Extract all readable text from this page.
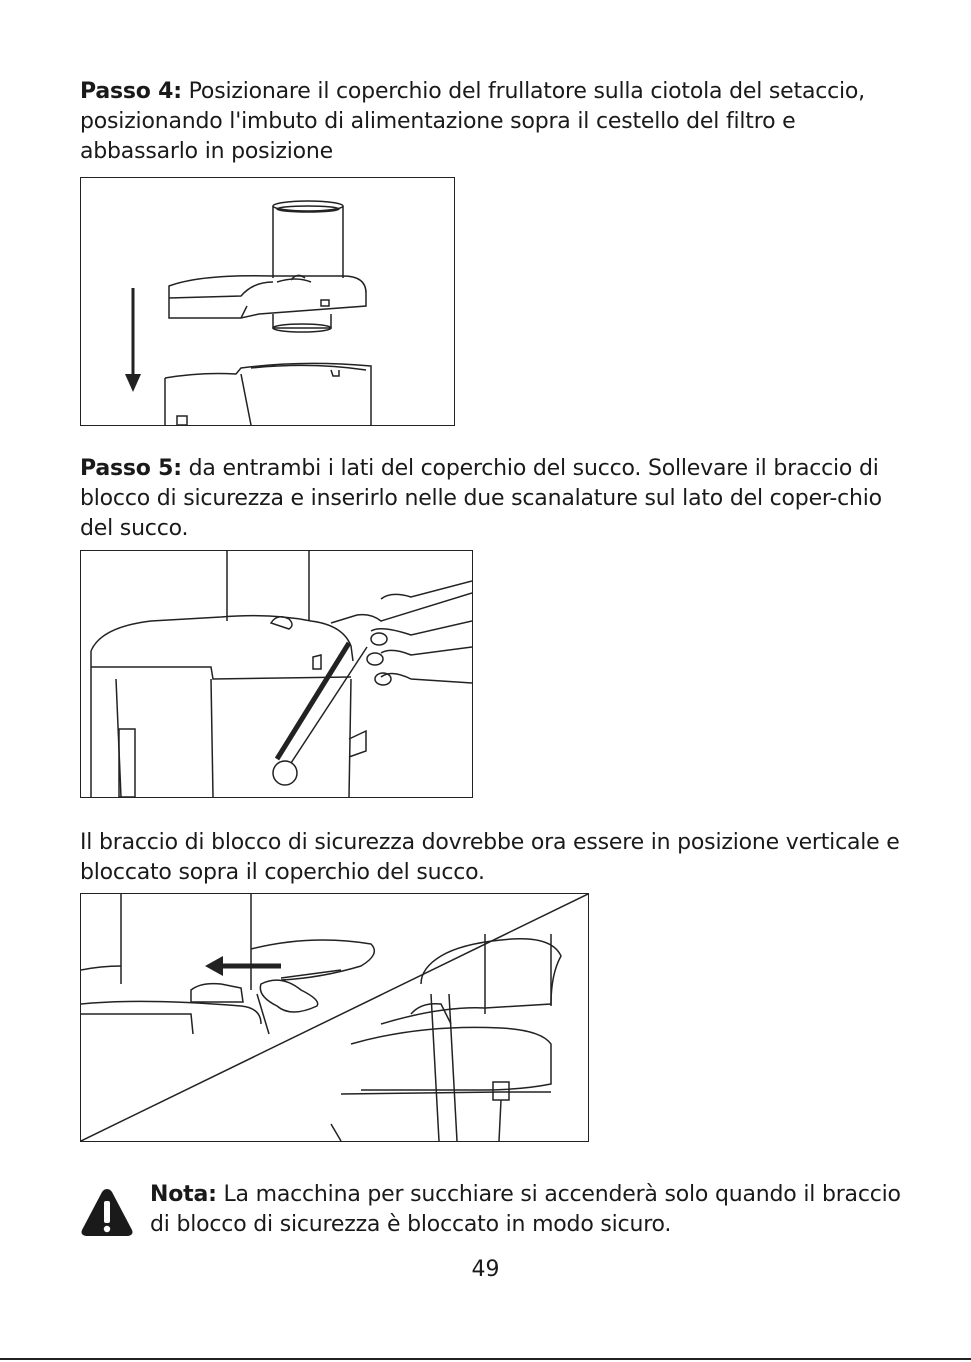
Passo 4: Posizionare il coperchio del frullatore sulla ciotola del setaccio, posizionando l'imbuto di alimentazione sopra il cestello del filtro e abbassarlo in posizione
Passo 5: da entrambi i lati del coperchio del succo. Sollevare il braccio di blocco di sicurezza e inserirlo nelle due scanalature sul lato del coper-chio del succo.
Il braccio di blocco di sicurezza dovrebbe ora essere in posizione verticale e bloccato sopra il coperchio del succo.
Nota: La macchina per succhiare si accenderà solo quando il braccio di blocco di sicurezza è bloccato in modo sicuro.
49
